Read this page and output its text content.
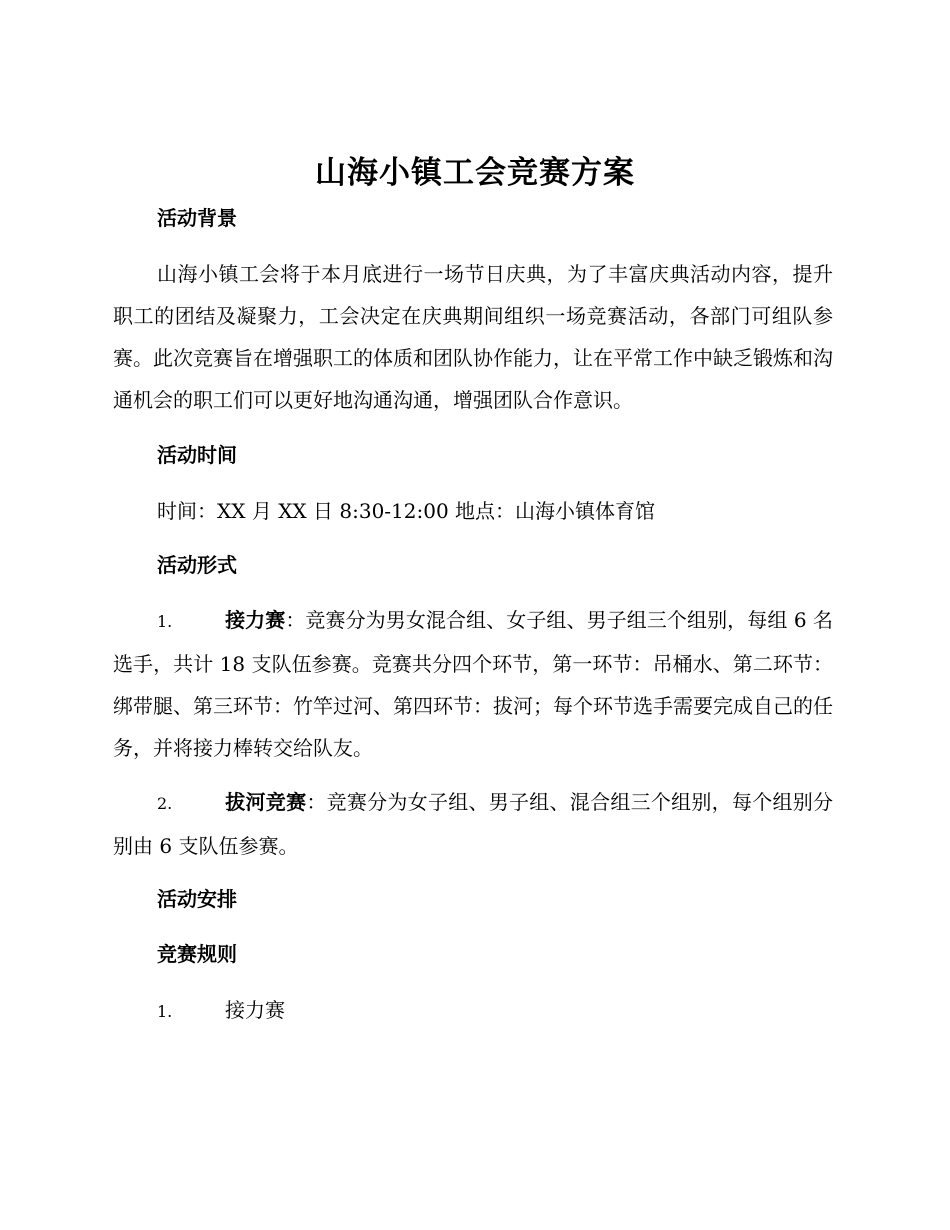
山海小镇工会竞赛方案
活动背景
山海小镇工会将于本月底进行一场节日庆典，为了丰富庆典活动内容，提升职工的团结及凝聚力，工会决定在庆典期间组织一场竞赛活动，各部门可组队参赛。此次竞赛旨在增强职工的体质和团队协作能力，让在平常工作中缺乏锻炼和沟通机会的职工们可以更好地沟通沟通，增强团队合作意识。
活动时间
时间：XX 月 XX 日 8:30-12:00 地点：山海小镇体育馆
活动形式
1.	接力赛：竞赛分为男女混合组、女子组、男子组三个组别，每组 6 名选手，共计 18 支队伍参赛。竞赛共分四个环节，第一环节：吊桶水、第二环节：绑带腿、第三环节：竹竿过河、第四环节：拔河；每个环节选手需要完成自己的任务，并将接力棒转交给队友。
2.	拔河竞赛：竞赛分为女子组、男子组、混合组三个组别，每个组别分别由 6 支队伍参赛。
活动安排
竞赛规则
1.	接力赛
